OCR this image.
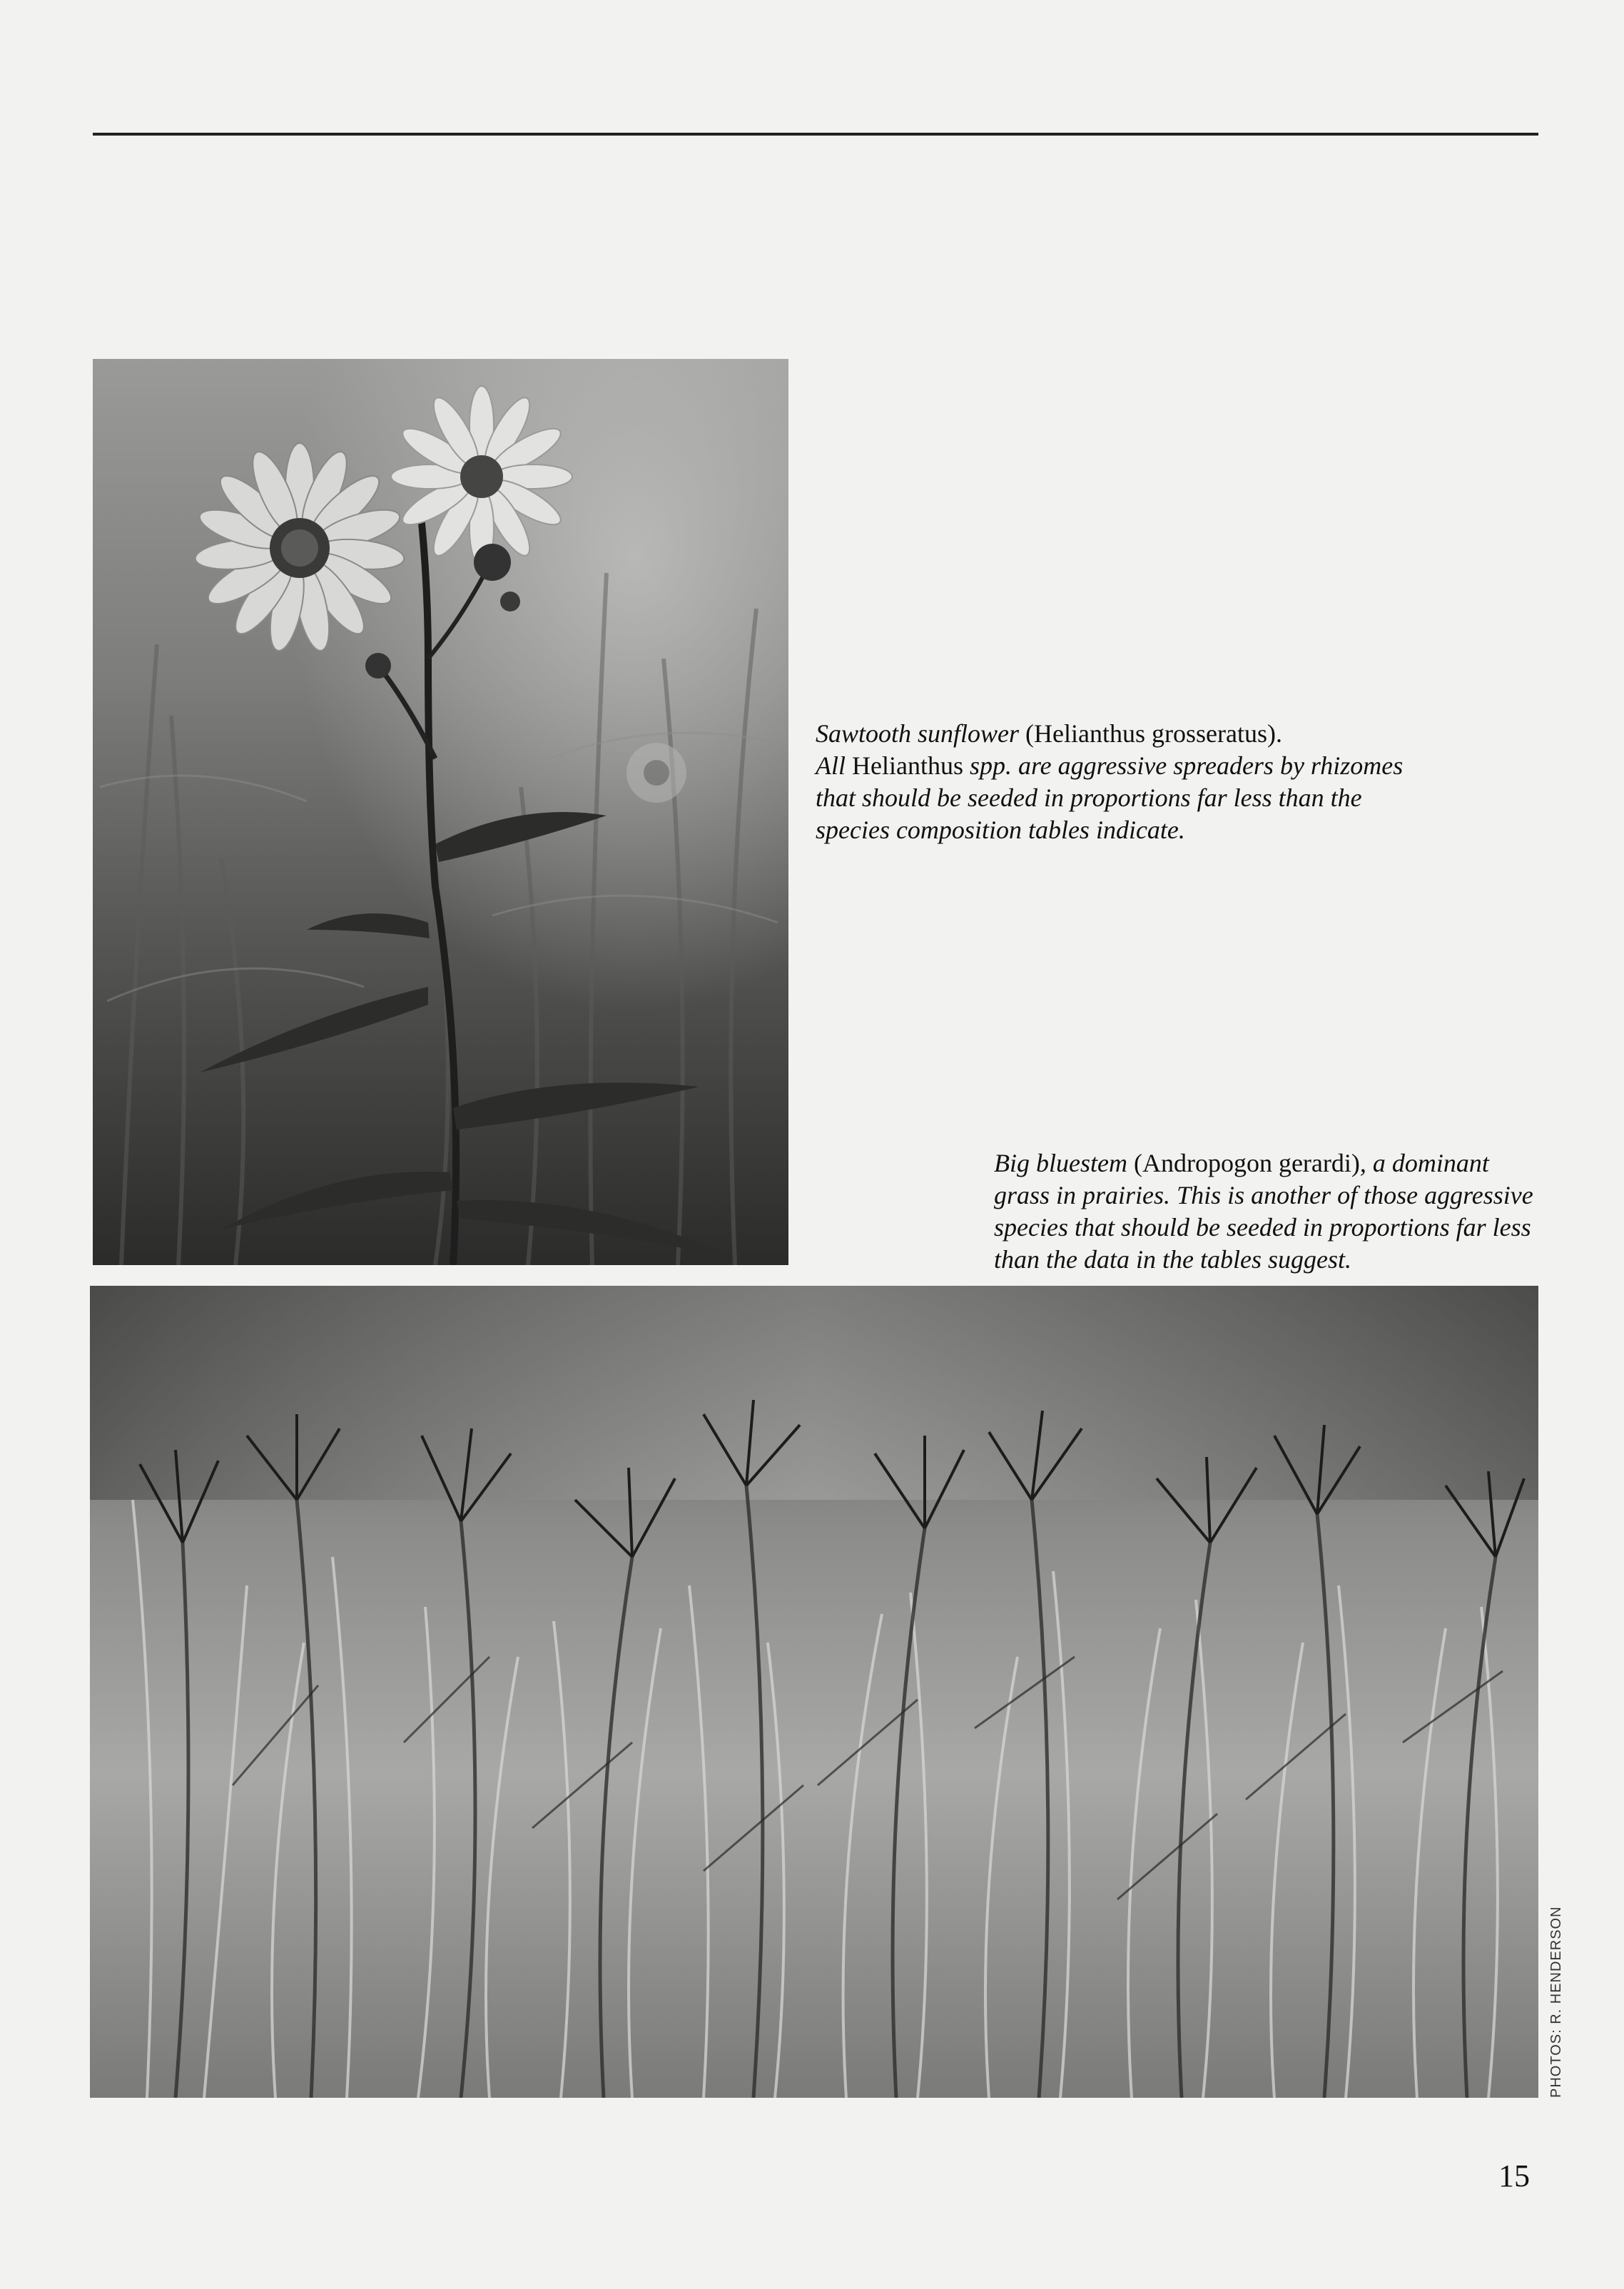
Sawtooth sunflower (Helianthus grosseratus).
All Helianthus spp. are aggressive spreaders by rhizomes that should be seeded in proportions far less than the species composition tables indicate.
Big bluestem (Andropogon gerardi), a dominant grass in prairies. This is another of those aggressive species that should be seeded in proportions far less than the data in the tables suggest.
PHOTOS: R. HENDERSON
15
